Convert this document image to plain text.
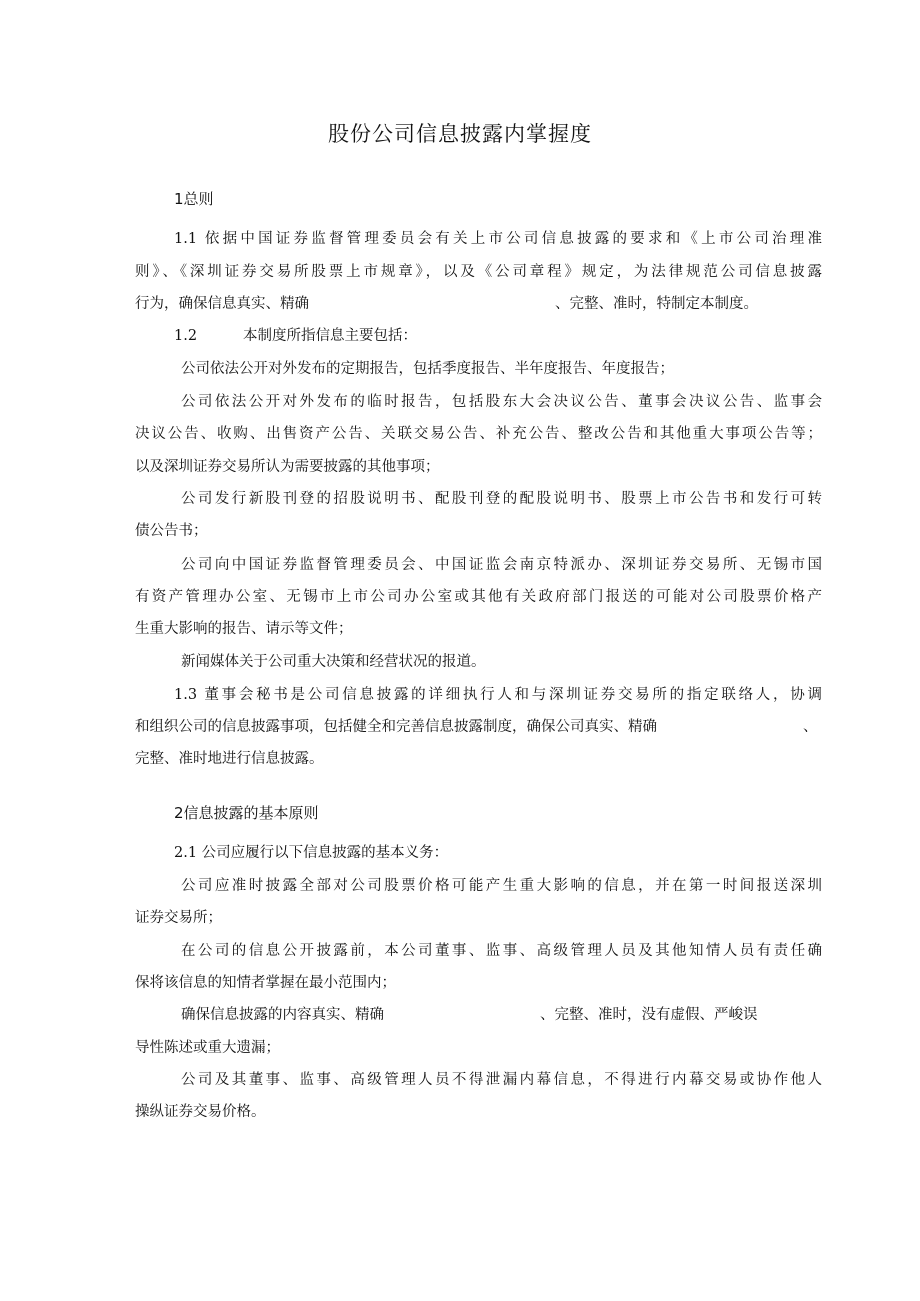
股份公司信息披露内掌握度
1总则
1.1 依据中国证券监督管理委员会有关上市公司信息披露的要求和《上市公司治理准
则》、《深圳证券交易所股票上市规章》，以及《公司章程》规定，为法律规范公司信息披露
行为，确保信息真实、精确	、完整、准时，特制定本制度。
1.2	本制度所指信息主要包括：
公司依法公开对外发布的定期报告，包括季度报告、半年度报告、年度报告；
公司依法公开对外发布的临时报告，包括股东大会决议公告、董事会决议公告、监事会
决议公告、收购、出售资产公告、关联交易公告、补充公告、整改公告和其他重大事项公告等；
以及深圳证券交易所认为需要披露的其他事项；
公司发行新股刊登的招股说明书、配股刊登的配股说明书、股票上市公告书和发行可转
债公告书；
公司向中国证券监督管理委员会、中国证监会南京特派办、深圳证券交易所、无锡市国
有资产管理办公室、无锡市上市公司办公室或其他有关政府部门报送的可能对公司股票价格产
生重大影响的报告、请示等文件；
新闻媒体关于公司重大决策和经营状况的报道。
1.3 董事会秘书是公司信息披露的详细执行人和与深圳证券交易所的指定联络人，协调
和组织公司的信息披露事项，包括健全和完善信息披露制度，确保公司真实、精确	、
完整、准时地进行信息披露。
2信息披露的基本原则
2.1 公司应履行以下信息披露的基本义务：
公司应准时披露全部对公司股票价格可能产生重大影响的信息，并在第一时间报送深圳
证券交易所；
在公司的信息公开披露前，本公司董事、监事、高级管理人员及其他知情人员有责任确
保将该信息的知情者掌握在最小范围内；
确保信息披露的内容真实、精确	、完整、准时，没有虚假、严峻误
导性陈述或重大遗漏；
公司及其董事、监事、高级管理人员不得泄漏内幕信息，不得进行内幕交易或协作他人
操纵证券交易价格。
